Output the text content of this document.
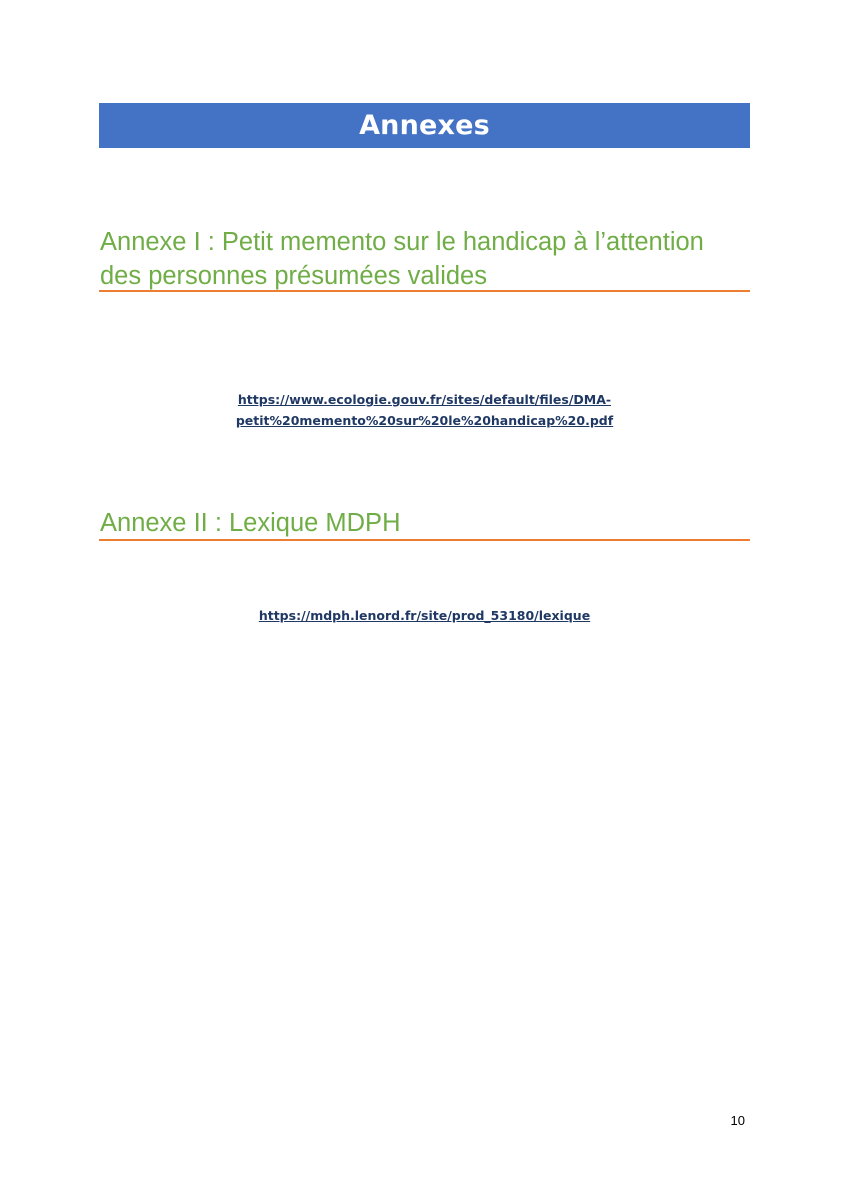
Annexes
Annexe I : Petit memento sur le handicap à l’attention
des personnes présumées valides
https://www.ecologie.gouv.fr/sites/default/files/DMA-
petit%20memento%20sur%20le%20handicap%20.pdf
Annexe II : Lexique MDPH
https://mdph.lenord.fr/site/prod_53180/lexique
10
